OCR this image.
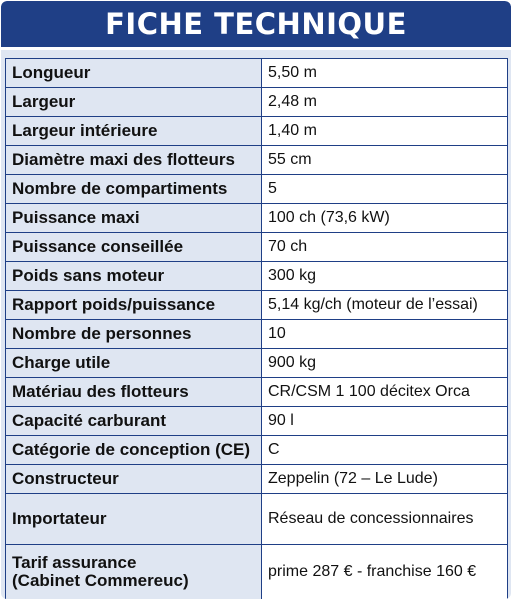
FICHE TECHNIQUE
Longueur	5,50 m
Largeur	2,48 m
Largeur intérieure	1,40 m
Diamètre maxi des flotteurs	55 cm
Nombre de compartiments	5
Puissance maxi	100 ch (73,6 kW)
Puissance conseillée	70 ch
Poids sans moteur	300 kg
Rapport poids/puissance	5,14 kg/ch (moteur de l’essai)
Nombre de personnes	10
Charge utile	900 kg
Matériau des flotteurs	CR/CSM 1 100 décitex Orca
Capacité carburant	90 l
Catégorie de conception (CE)	C
Constructeur	Zeppelin (72 – Le Lude)
Importateur	Réseau de concessionnaires
Tarif assurance
(Cabinet Commereuc)	prime 287 € - franchise 160 €
